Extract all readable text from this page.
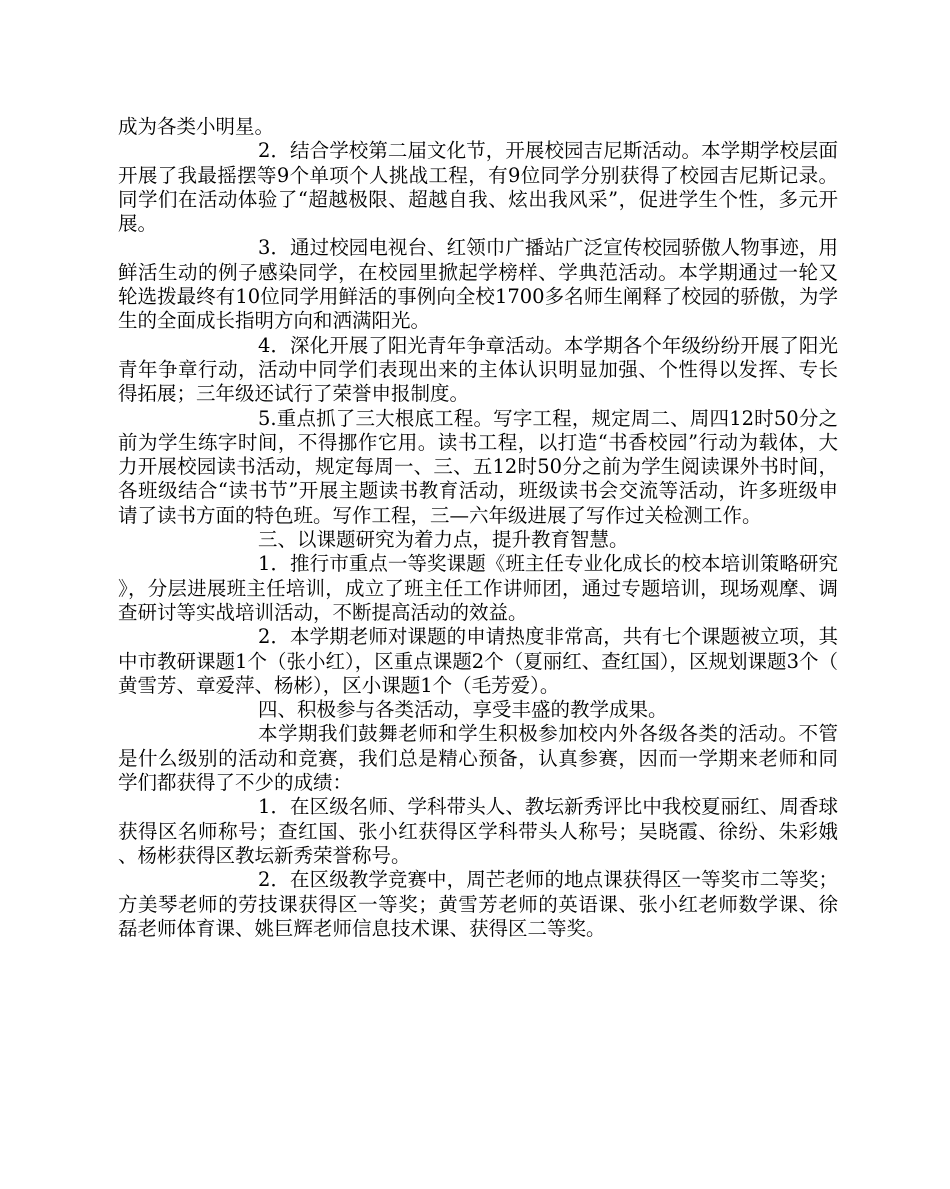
成为各类小明星。

2．结合学校第二届文化节，开展校园吉尼斯活动。本学期学校层面开展了我最摇摆等9个单项个人挑战工程，有9位同学分别获得了校园吉尼斯记录。同学们在活动体验了“超越极限、超越自我、炫出我风采”，促进学生个性，多元开展。

3．通过校园电视台、红领巾广播站广泛宣传校园骄傲人物事迹，用鲜活生动的例子感染同学，在校园里掀起学榜样、学典范活动。本学期通过一轮又轮选拨最终有10位同学用鲜活的事例向全校1700多名师生阐释了校园的骄傲，为学生的全面成长指明方向和洒满阳光。

4．深化开展了阳光青年争章活动。本学期各个年级纷纷开展了阳光青年争章行动，活动中同学们表现出来的主体认识明显加强、个性得以发挥、专长得拓展；三年级还试行了荣誉申报制度。

5.重点抓了三大根底工程。写字工程，规定周二、周四12时50分之前为学生练字时间，不得挪作它用。读书工程，以打造“书香校园”行动为载体，大力开展校园读书活动，规定每周一、三、五12时50分之前为学生阅读课外书时间，各班级结合“读书节”开展主题读书教育活动，班级读书会交流等活动，许多班级申请了读书方面的特色班。写作工程，三—六年级进展了写作过关检测工作。

三、以课题研究为着力点，提升教育智慧。

1．推行市重点一等奖课题《班主任专业化成长的校本培训策略研究》，分层进展班主任培训，成立了班主任工作讲师团，通过专题培训，现场观摩、调查研讨等实战培训活动，不断提高活动的效益。

2．本学期老师对课题的申请热度非常高，共有七个课题被立项，其中市教研课题1个（张小红），区重点课题2个（夏丽红、查红国），区规划课题3个（黄雪芳、章爱萍、杨彬），区小课题1个（毛芳爱）。

四、积极参与各类活动，享受丰盛的教学成果。

本学期我们鼓舞老师和学生积极参加校内外各级各类的活动。不管是什么级别的活动和竞赛，我们总是精心预备，认真参赛，因而一学期来老师和同学们都获得了不少的成绩：

1．在区级名师、学科带头人、教坛新秀评比中我校夏丽红、周香球获得区名师称号；查红国、张小红获得区学科带头人称号；吴晓霞、徐纷、朱彩娥、杨彬获得区教坛新秀荣誉称号。

2．在区级教学竞赛中，周芒老师的地点课获得区一等奖市二等奖；方美琴老师的劳技课获得区一等奖；黄雪芳老师的英语课、张小红老师数学课、徐磊老师体育课、姚巨辉老师信息技术课、获得区二等奖。
